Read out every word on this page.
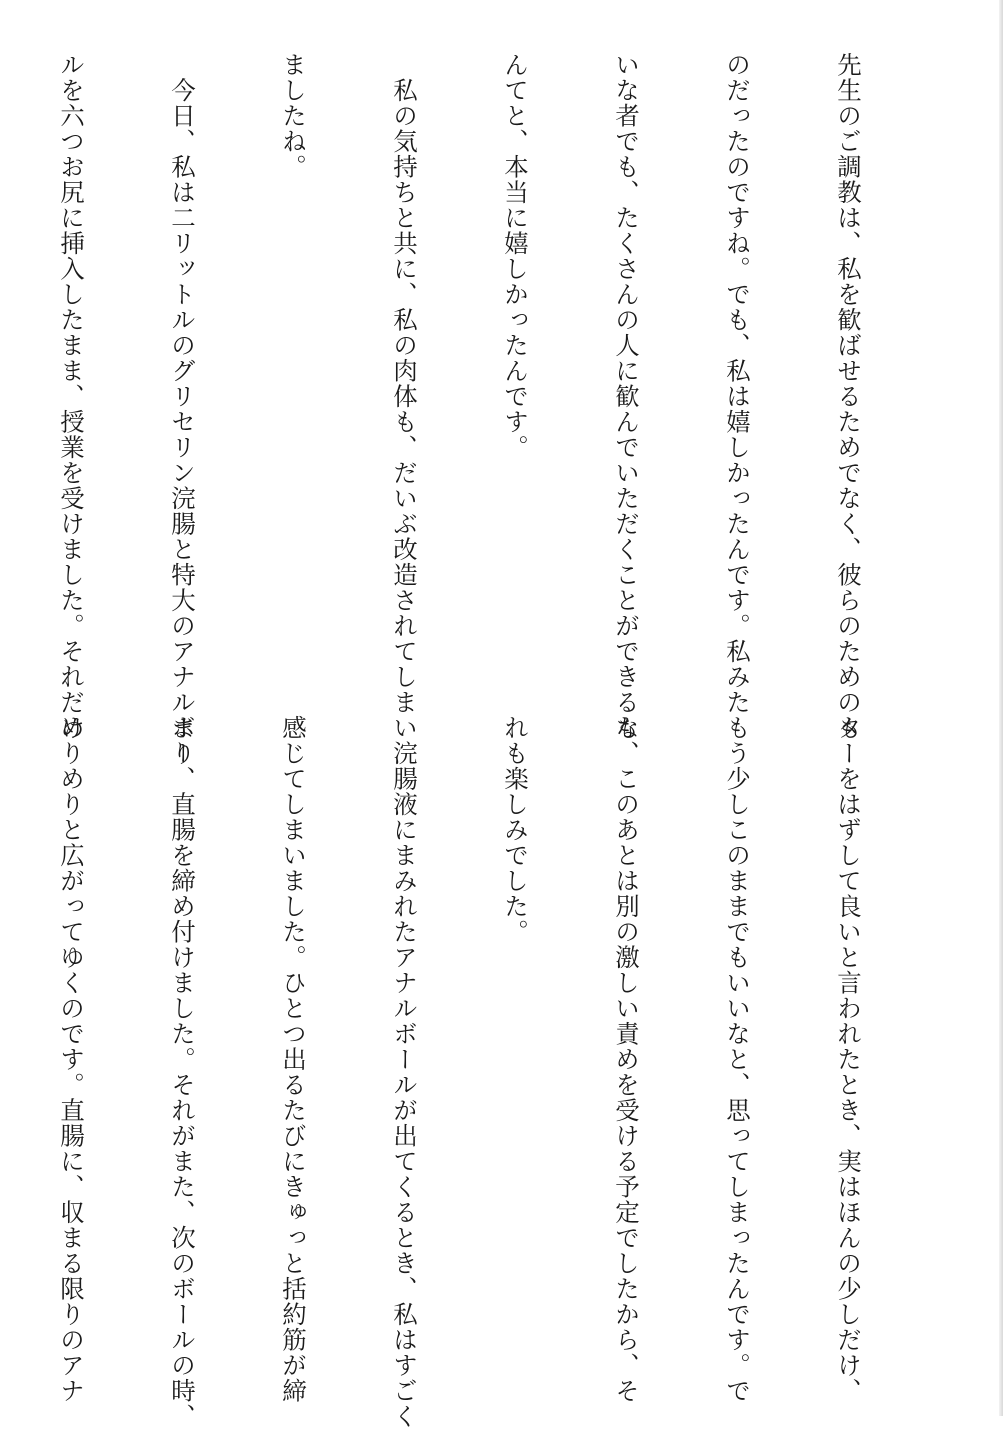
先生のご調教は、私を歓ばせるためでなく、彼らのためのも

のだったのですね。でも、私は嬉しかったんです。私みた

いな者でも、たくさんの人に歓んでいただくことができるな

んてと、本当に嬉しかったんです。

　私の気持ちと共に、私の肉体も、だいぶ改造されてしまい

ましたね。

　今日、私は二リットルのグリセリン浣腸と特大のアナルボー

ルを六つお尻に挿入したまま、授業を受けました。それだけ

ターをはずして良いと言われたとき、実はほんの少しだけ、

もう少しこのままでもいいなと、思ってしまったんです。で

も、このあとは別の激しい責めを受ける予定でしたから、そ

れも楽しみでした。

　浣腸液にまみれたアナルボールが出てくるとき、私はすごく

感じてしまいました。ひとつ出るたびにきゅっと括約筋が締

まり、直腸を締め付けました。それがまた、次のボールの時、

めりめりと広がってゆくのです。直腸に、収まる限りのアナ
